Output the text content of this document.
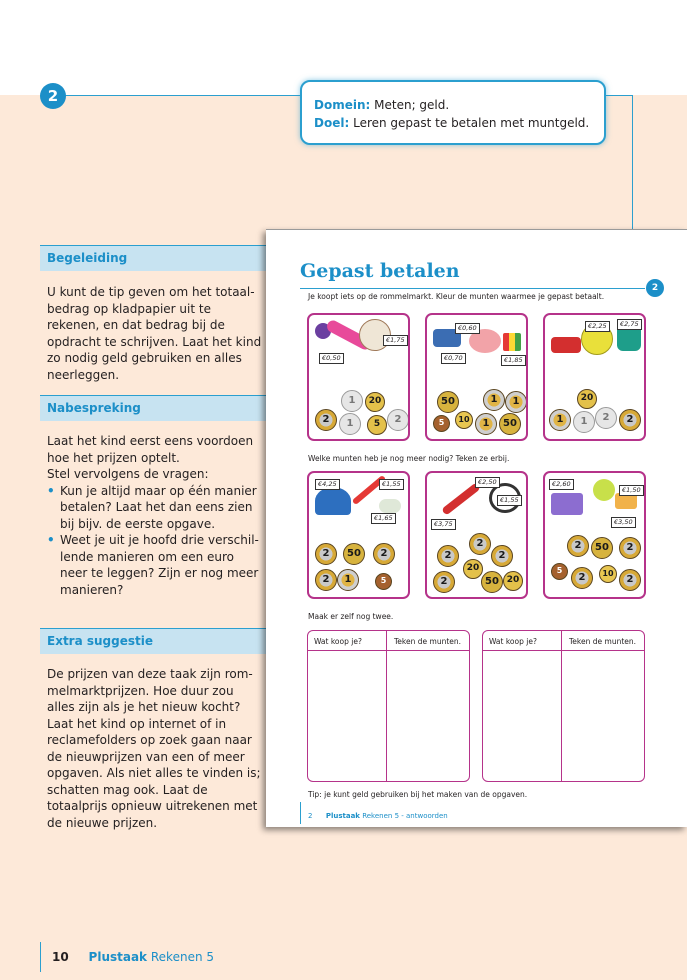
2	Domein: Meten; geld.
Doel: Leren gepast te betalen met muntgeld.
Begeleiding
U kunt de tip geven om het totaalbedrag op kladpapier uit te rekenen, en dat bedrag bij de opdracht te schrijven. Laat het kind zo nodig geld gebruiken en alles neerleggen.
Nabespreking
Laat het kind eerst eens voordoen hoe het prijzen optelt.
Stel vervolgens de vragen:
• Kun je altijd maar op één manier betalen? Laat het dan eens zien bij bijv. de eerste opgave.
• Weet je uit je hoofd drie verschillende manieren om een euro neer te leggen? Zijn er nog meer manieren?
Extra suggestie
De prijzen van deze taak zijn rommelmarktprijzen. Hoe duur zou alles zijn als je het nieuw kocht? Laat het kind op internet of in reclamefolders op zoek gaan naar de nieuwprijzen van een of meer opgaven. Als niet alles te vinden is; schatten mag ook. Laat de totaalprijs opnieuw uitrekenen met de nieuwe prijzen.
Gepast betalen
2
Je koopt iets op de rommelmarkt. Kleur de munten waarmee je gepast betaalt.
€0,50
€1,75
1	20
2	1	5	2
€0,60
€0,70	€1,85
50	1	1
5	10	1	50
€2,25	€2,75
20
1	1	2	2
Welke munten heb je nog meer nodig? Teken ze erbij.
€4,25	€1,55
€1,65
2	50	2
2	1	5
€2,50
€1,55
€3,75
2
2	2
20
2	50 20
€2,60
€1,50
€3,50
2	50	2
5
2	10
2
Maak er zelf nog twee.
Wat koop je?	Teken de munten.	Wat koop je?	Teken de munten.
Tip: je kunt geld gebruiken bij het maken van de opgaven.
2 Plustaak Rekenen 5 - antwoorden
10 Plustaak Rekenen 5
